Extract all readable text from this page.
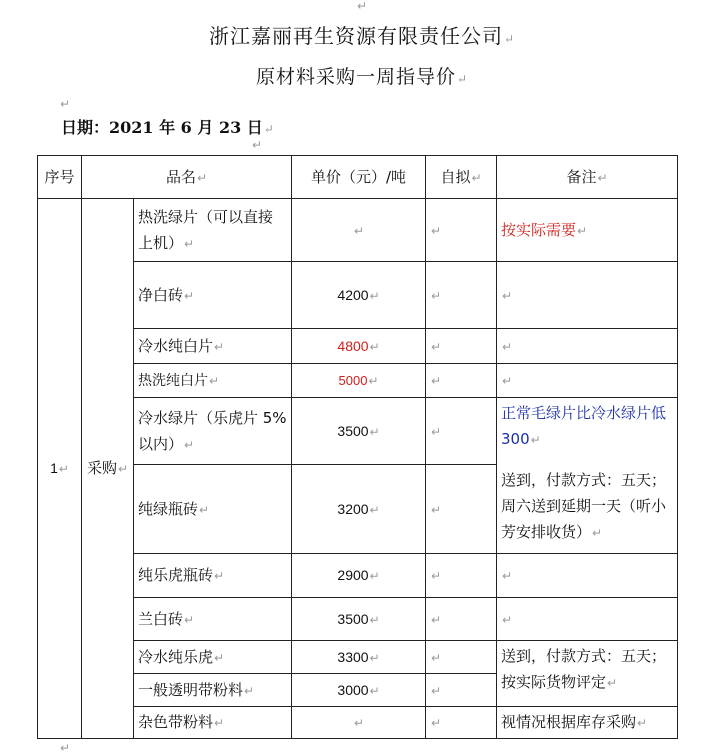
↵
↵
↵
↵
浙江嘉丽再生资源有限责任公司↵
原材料采购一周指导价↵
日期：2021 年 6 月 23 日↵
序号	品名↵		单价（元）/吨	自拟↵	备注↵
1↵	采购↵	热洗绿片（可以直接上机）↵	↵	↵	按实际需要↵
		净白砖↵	4200↵	↵	↵
		冷水纯白片↵	4800↵	↵	↵
		热洗纯白片↵	5000↵	↵	↵
		冷水绿片（乐虎片 5%以内）↵	3500↵	↵	正常毛绿片比冷水绿片低 300↵
		纯绿瓶砖↵	3200↵	↵	送到，付款方式：五天；周六送到延期一天（听小芳安排收货）↵
		纯乐虎瓶砖↵	2900↵	↵	↵
		兰白砖↵	3500↵	↵	↵
		冷水纯乐虎↵	3300↵	↵	送到，付款方式：五天；按实际货物评定↵
		一般透明带粉料↵	3000↵	↵	
		杂色带粉料↵	↵	↵	视情况根据库存采购↵
